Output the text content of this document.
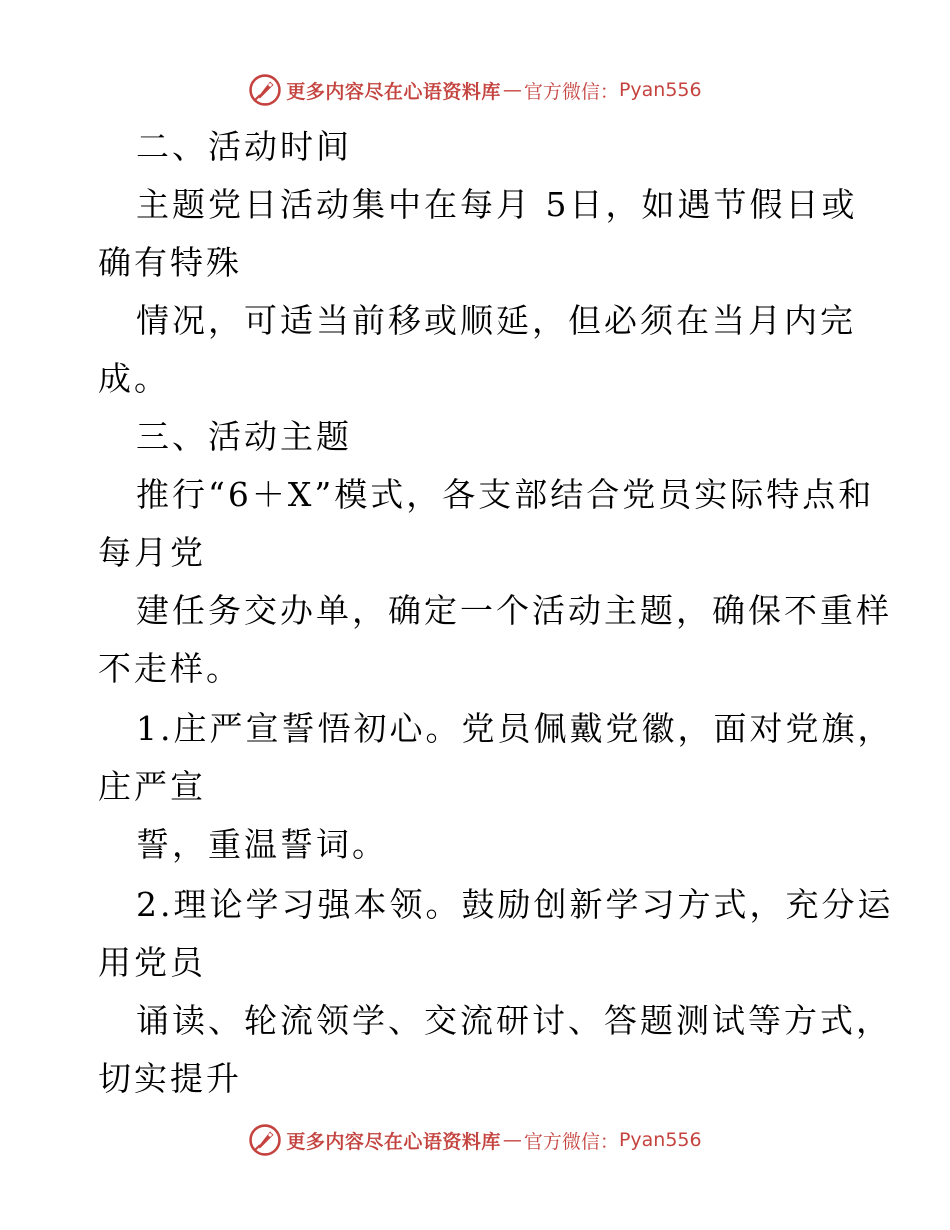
更多内容尽在心语资料库 — 官方微信： Pyan556
二、活动时间
主题党日活动集中在每月 5日，如遇节假日或
确有特殊
情况，可适当前移或顺延，但必须在当月内完
成。
三、活动主题
推行“6＋X”模式，各支部结合党员实际特点和
每月党
建任务交办单，确定一个活动主题，确保不重样
不走样。
1.庄严宣誓悟初心。党员佩戴党徽，面对党旗，
庄严宣
誓，重温誓词。
2.理论学习强本领。鼓励创新学习方式，充分运
用党员
诵读、轮流领学、交流研讨、答题测试等方式，
切实提升
更多内容尽在心语资料库 — 官方微信： Pyan556
